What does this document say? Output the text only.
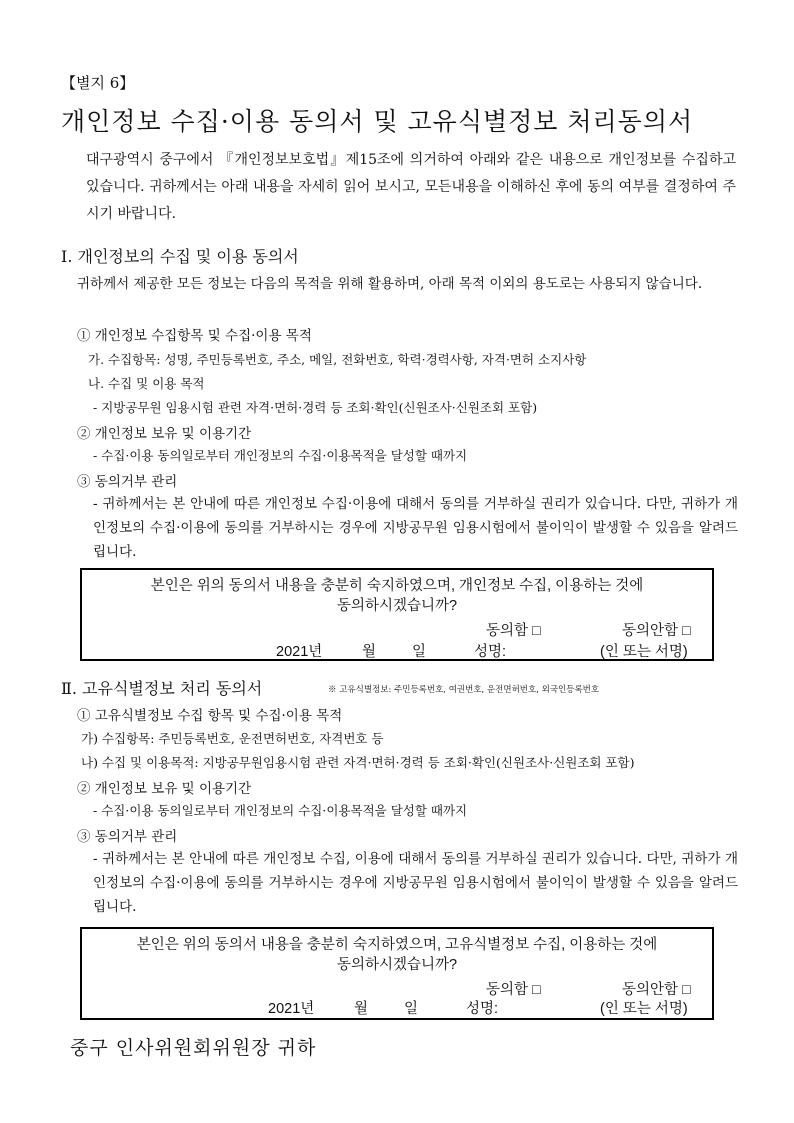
【별지 6】
개인정보 수집·이용 동의서 및 고유식별정보 처리동의서
대구광역시 중구에서 『개인정보보호법』제15조에 의거하여 아래와 같은 내용으로 개인정보를 수집하고 있습니다. 귀하께서는 아래 내용을 자세히 읽어 보시고, 모든내용을 이해하신 후에 동의 여부를 결정하여 주시기 바랍니다.
Ⅰ. 개인정보의 수집 및 이용 동의서
귀하께서 제공한 모든 정보는 다음의 목적을 위해 활용하며, 아래 목적 이외의 용도로는 사용되지 않습니다.
① 개인정보 수집항목 및 수집·이용 목적
가. 수집항목: 성명, 주민등록번호, 주소, 메일, 전화번호, 학력·경력사항, 자격·면허 소지사항
나. 수집 및 이용 목적
- 지방공무원 임용시험 관련 자격·면허·경력 등 조회·확인(신원조사·신원조회 포함)
② 개인정보 보유 및 이용기간
- 수집·이용 동의일로부터 개인정보의 수집·이용목적을 달성할 때까지
③ 동의거부 관리
- 귀하께서는 본 안내에 따른 개인정보 수집·이용에 대해서 동의를 거부하실 권리가 있습니다. 다만, 귀하가 개인정보의 수집·이용에 동의를 거부하시는 경우에 지방공무원 임용시험에서 불이익이 발생할 수 있음을 알려드립니다.
본인은 위의 동의서 내용을 충분히 숙지하였으며, 개인정보 수집, 이용하는 것에
동의하시겠습니까?
동의함 □	동의안함 □
2021년	월 일	성명:	(인 또는 서명)
Ⅱ. 고유식별정보 처리 동의서	※ 고유식별정보: 주민등록번호, 여권번호, 운전면허번호, 외국인등록번호
① 고유식별정보 수집 항목 및 수집·이용 목적
가) 수집항목: 주민등록번호, 운전면허번호, 자격번호 등
나) 수집 및 이용목적: 지방공무원임용시험 관련 자격·면허·경력 등 조회·확인(신원조사·신원조회 포함)
② 개인정보 보유 및 이용기간
- 수집·이용 동의일로부터 개인정보의 수집·이용목적을 달성할 때까지
③ 동의거부 관리
- 귀하께서는 본 안내에 따른 개인정보 수집, 이용에 대해서 동의를 거부하실 권리가 있습니다. 다만, 귀하가 개인정보의 수집·이용에 동의를 거부하시는 경우에 지방공무원 임용시험에서 불이익이 발생할 수 있음을 알려드립니다.
본인은 위의 동의서 내용을 충분히 숙지하였으며, 고유식별정보 수집, 이용하는 것에
동의하시겠습니까?
동의함 □	동의안함 □
2021년	월 일	성명:	(인 또는 서명)
중구 인사위원회위원장 귀하
